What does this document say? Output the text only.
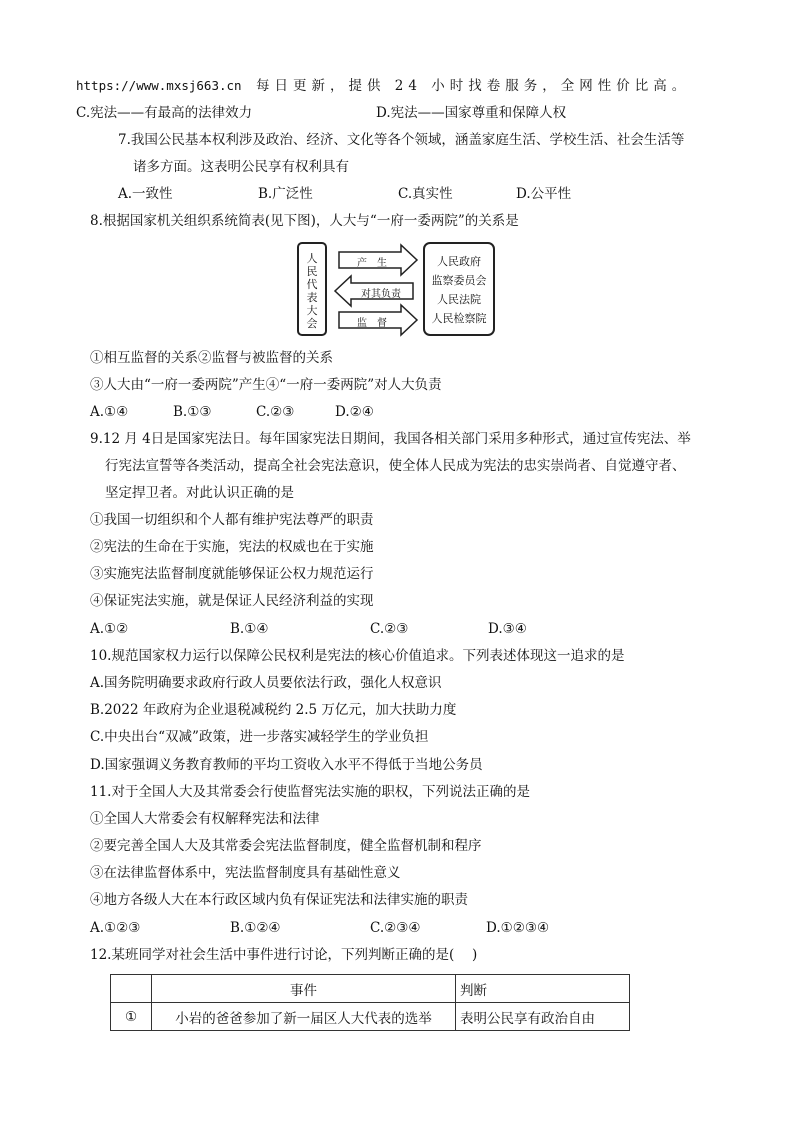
https://www.mxsj663.cn 每日更新，提供 24 小时找卷服务，全网性价比高。
C.宪法——有最高的法律效力	D.宪法——国家尊重和保障人权
7.我国公民基本权利涉及政治、经济、文化等各个领域，涵盖家庭生活、学校生活、社会生活等
诸多方面。这表明公民享有权利具有
A.一致性	B.广泛性	C.真实性	D.公平性
8.根据国家机关组织系统简表(见下图)，人大与“一府一委两院”的关系是
人民代表大会
产　生
对其负责
监　督
人民政府
监察委员会
人民法院
人民检察院
①相互监督的关系②监督与被监督的关系
③人大由“一府一委两院”产生④“一府一委两院”对人大负责
A.①④	B.①③	C.②③	D.②④
9.12 月 4日是国家宪法日。每年国家宪法日期间，我国各相关部门采用多种形式，通过宣传宪法、举
行宪法宣誓等各类活动，提高全社会宪法意识，使全体人民成为宪法的忠实崇尚者、自觉遵守者、
坚定捍卫者。对此认识正确的是
①我国一切组织和个人都有维护宪法尊严的职责
②宪法的生命在于实施，宪法的权威也在于实施
③实施宪法监督制度就能够保证公权力规范运行
④保证宪法实施，就是保证人民经济利益的实现
A.①②	B.①④	C.②③	D.③④
10.规范国家权力运行以保障公民权利是宪法的核心价值追求。下列表述体现这一追求的是
A.国务院明确要求政府行政人员要依法行政，强化人权意识
B.2022 年政府为企业退税减税约 2.5 万亿元，加大扶助力度
C.中央出台“双减”政策，进一步落实减轻学生的学业负担
D.国家强调义务教育教师的平均工资收入水平不得低于当地公务员
11.对于全国人大及其常委会行使监督宪法实施的职权，下列说法正确的是
①全国人大常委会有权解释宪法和法律
②要完善全国人大及其常委会宪法监督制度，健全监督机制和程序
③在法律监督体系中，宪法监督制度具有基础性意义
④地方各级人大在本行政区域内负有保证宪法和法律实施的职责
A.①②③	B.①②④	C.②③④	D.①②③④
12.某班同学对社会生活中事件进行讨论，下列判断正确的是(　 )
	事件	判断
①	小岩的爸爸参加了新一届区人大代表的选举	表明公民享有政治自由
